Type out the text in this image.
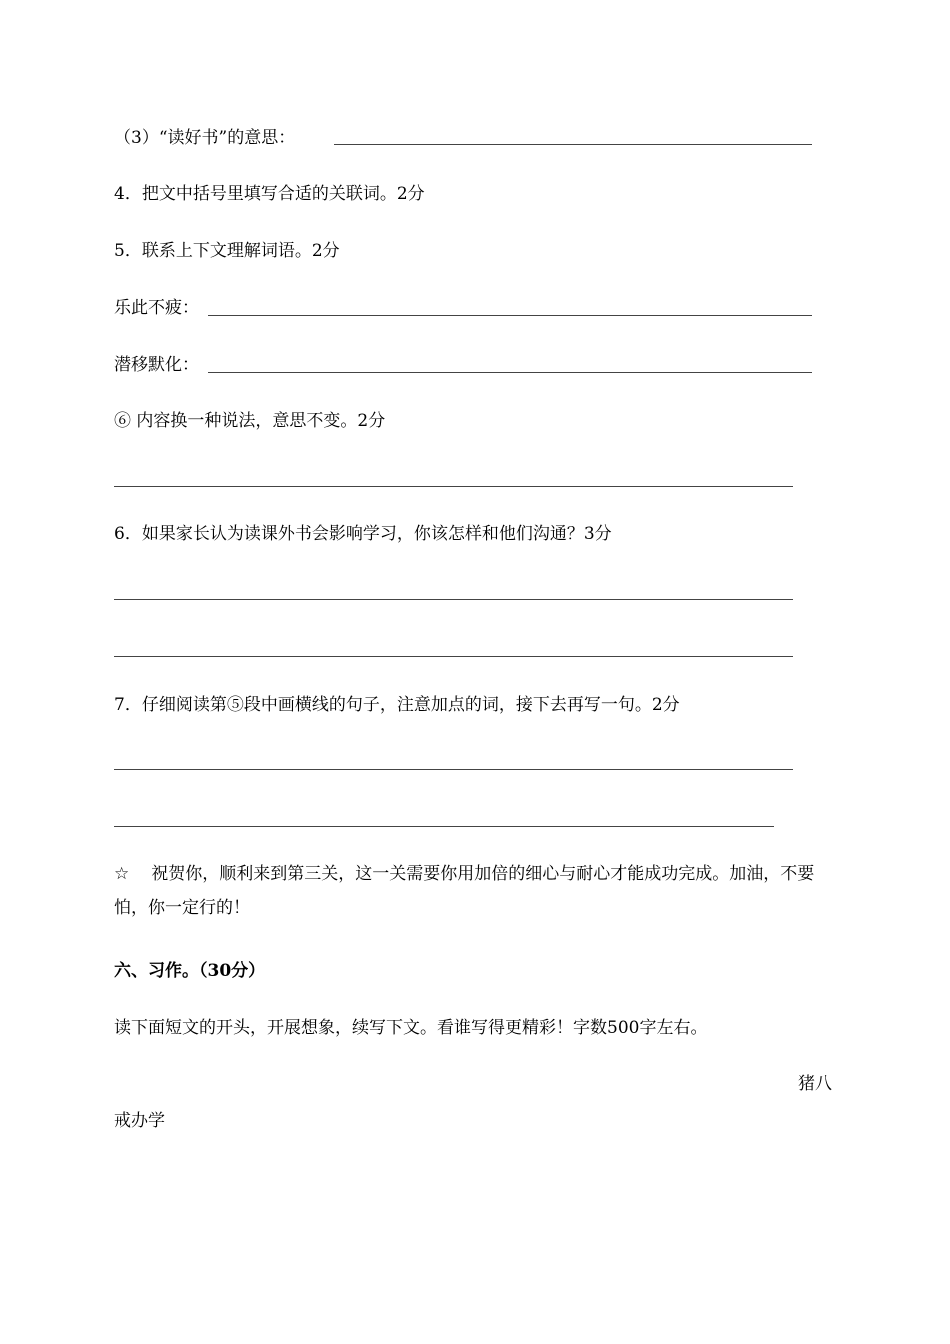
（3）“读好书”的意思：
4．把文中括号里填写合适的关联词。2分
5．联系上下文理解词语。2分
乐此不疲：
潜移默化：
⑥ 内容换一种说法，意思不变。2分
6．如果家长认为读课外书会影响学习，你该怎样和他们沟通？3分
7．仔细阅读第⑤段中画横线的句子，注意加点的词，接下去再写一句。2分
☆ 祝贺你，顺利来到第三关，这一关需要你用加倍的细心与耐心才能成功完成。加油，不要怕，你一定行的！
六、习作。（30分）
读下面短文的开头，开展想象，续写下文。看谁写得更精彩！字数500字左右。
猪八
戒办学
